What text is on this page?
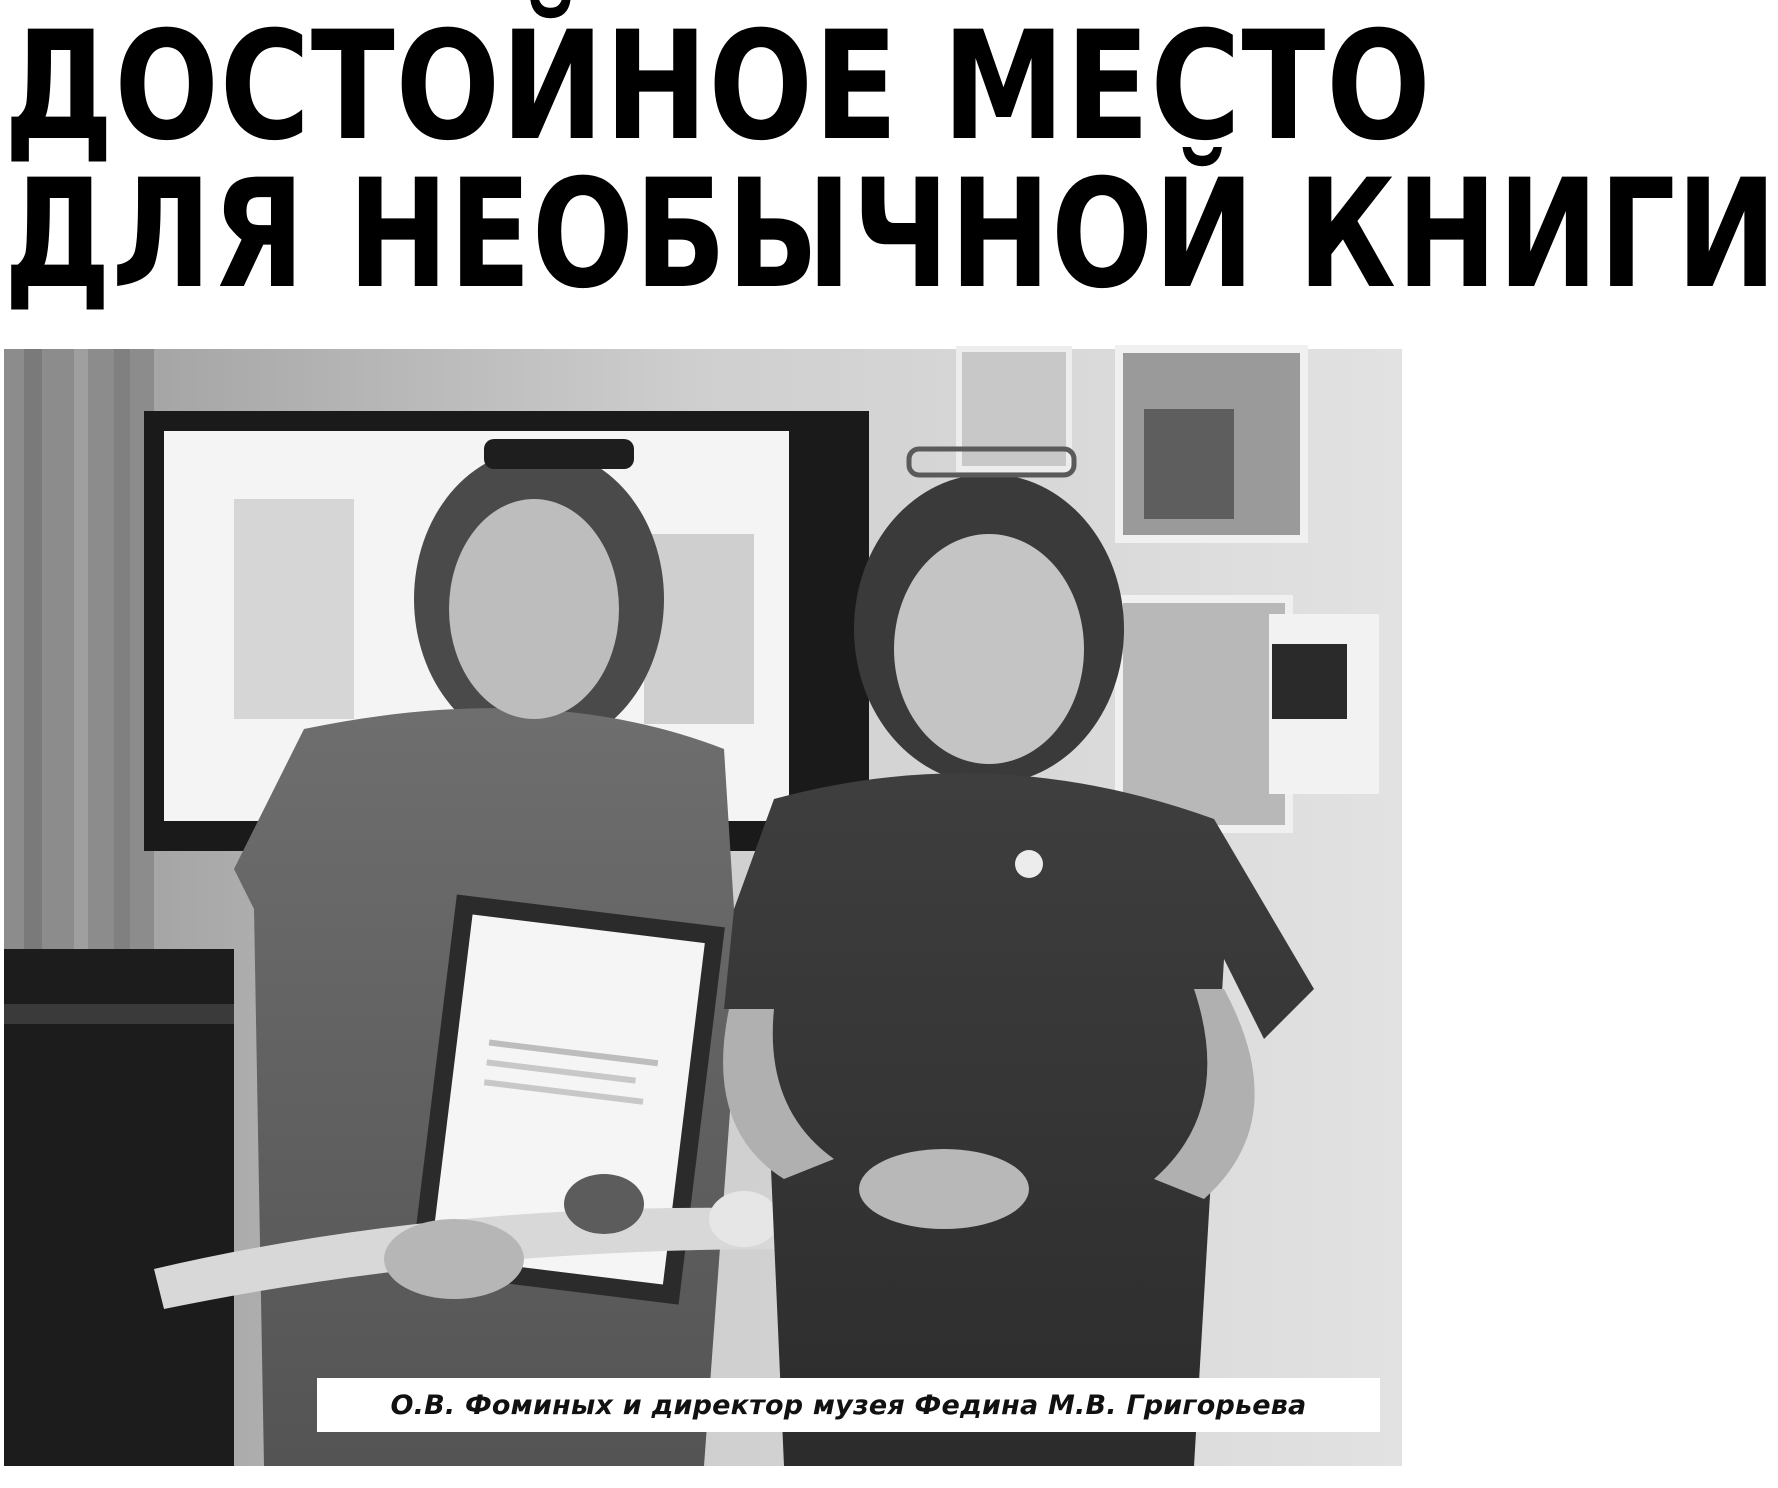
ДОСТОЙНОЕ МЕСТО
ДЛЯ НЕОБЫЧНОЙ КНИГИ
О.В. Фоминых и директор музея Федина М.В. Григорьева
